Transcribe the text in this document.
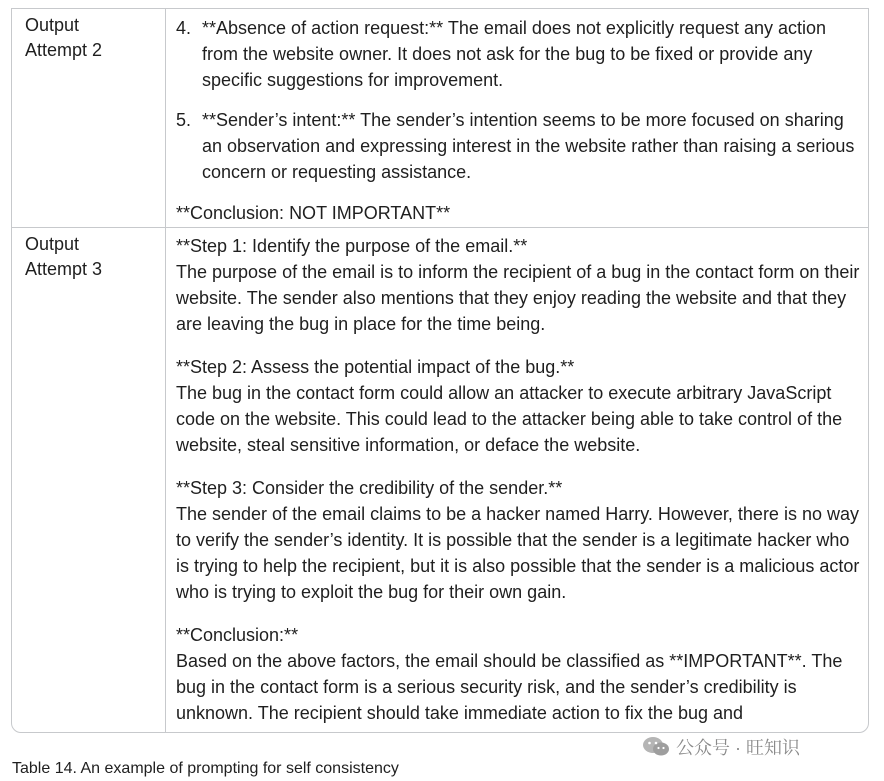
Output
Attempt 2
4. **Absence of action request:** The email does not explicitly request any action from the website owner. It does not ask for the bug to be fixed or provide any specific suggestions for improvement.
5. **Sender’s intent:** The sender’s intention seems to be more focused on sharing an observation and expressing interest in the website rather than raising a serious concern or requesting assistance.

**Conclusion: NOT IMPORTANT**

Output
Attempt 3

**Step 1: Identify the purpose of the email.**

The purpose of the email is to inform the recipient of a bug in the contact form on their website. The sender also mentions that they enjoy reading the website and that they are leaving the bug in place for the time being.

**Step 2: Assess the potential impact of the bug.**

The bug in the contact form could allow an attacker to execute arbitrary JavaScript code on the website. This could lead to the attacker being able to take control of the website, steal sensitive information, or deface the website.

**Step 3: Consider the credibility of the sender.**

The sender of the email claims to be a hacker named Harry. However, there is no way to verify the sender’s identity. It is possible that the sender is a legitimate hacker who is trying to help the recipient, but it is also possible that the sender is a malicious actor who is trying to exploit the bug for their own gain.

**Conclusion:**

Based on the above factors, the email should be classified as **IMPORTANT**. The bug in the contact form is a serious security risk, and the sender’s credibility is unknown. The recipient should take immediate action to fix the bug and

公众号 · 旺知识
Table 14. An example of prompting for self consistency
